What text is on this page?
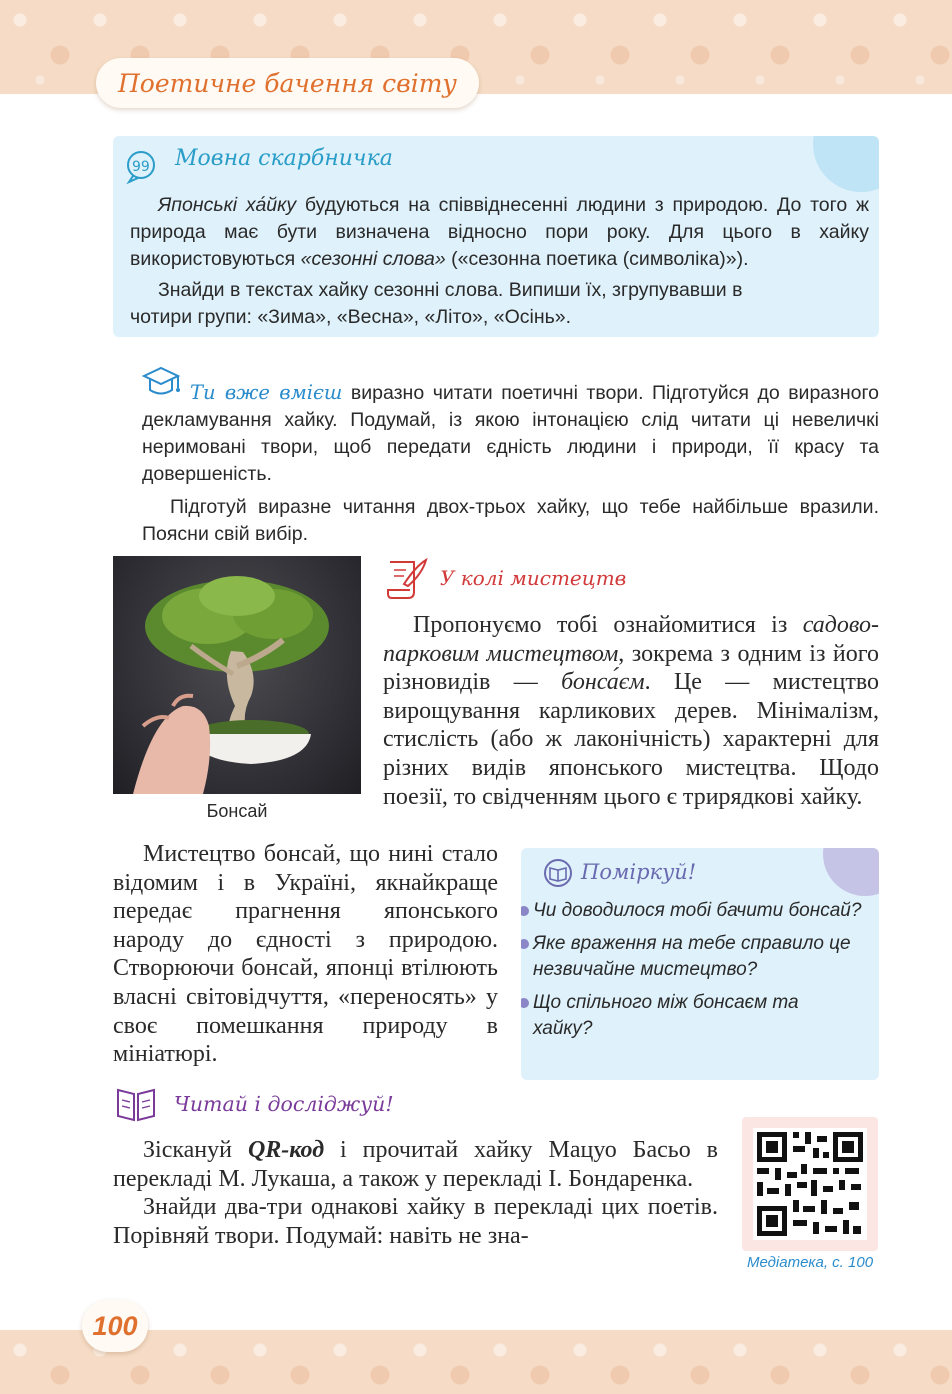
Поетичне бачення світу
99 Мовна скарбничка

Японські ха́йку будуються на співвіднесенні людини з природою. До того ж природа має бути визначена відносно пори року. Для цього в хайку використовуються «сезонні слова» («сезонна поетика (символіка)»).

Знайди в текстах хайку сезонні слова. Випиши їх, згрупувавши в чотири групи: «Зима», «Весна», «Літо», «Осінь».

Ти вже вмієш виразно читати поетичні твори. Підготуйся до виразного декламування хайку. Подумай, із якою інтонацією слід читати ці невеличкі неримовані твори, щоб передати єдність людини і природи, її красу та довершеність.

Підготуй виразне читання двох-трьох хайку, що тебе найбільше вразили. Поясни свій вибір.

Бонсай
У колі мистецтв

Пропонуємо тобі ознайомитися із садово-парковим мистецтвом, зокрема з одним із його різновидів — бонса́єм. Це — мистецтво вирощування карликових дерев. Мінімалізм, стислість (або ж лаконічність) характерні для різних видів японського мистецтва. Щодо поезії, то свідченням цього є трирядкові хайку.

Мистецтво бонсай, що нині стало відомим і в Україні, якнайкраще передає прагнення японського народу до єдності з природою. Створюючи бонсай, японці втілюють власні світовідчуття, «переносять» у своє помешкання природу в мініатюрі.

Поміркуй!
Чи доводилося тобі бачити бонсай?
Яке враження на тебе справило це незвичайне мистецтво?
Що спільного між бонсаєм та хайку?
Читай і досліджуй!

Зіскануй QR-код і прочитай хайку Мацуо Басьо в перекладі М. Лукаша, а також у перекладі І. Бондаренка.

Знайди два-три однакові хайку в перекладі цих поетів. Порівняй твори. Подумай: навіть не зна-

Медіатека, с. 100
100
